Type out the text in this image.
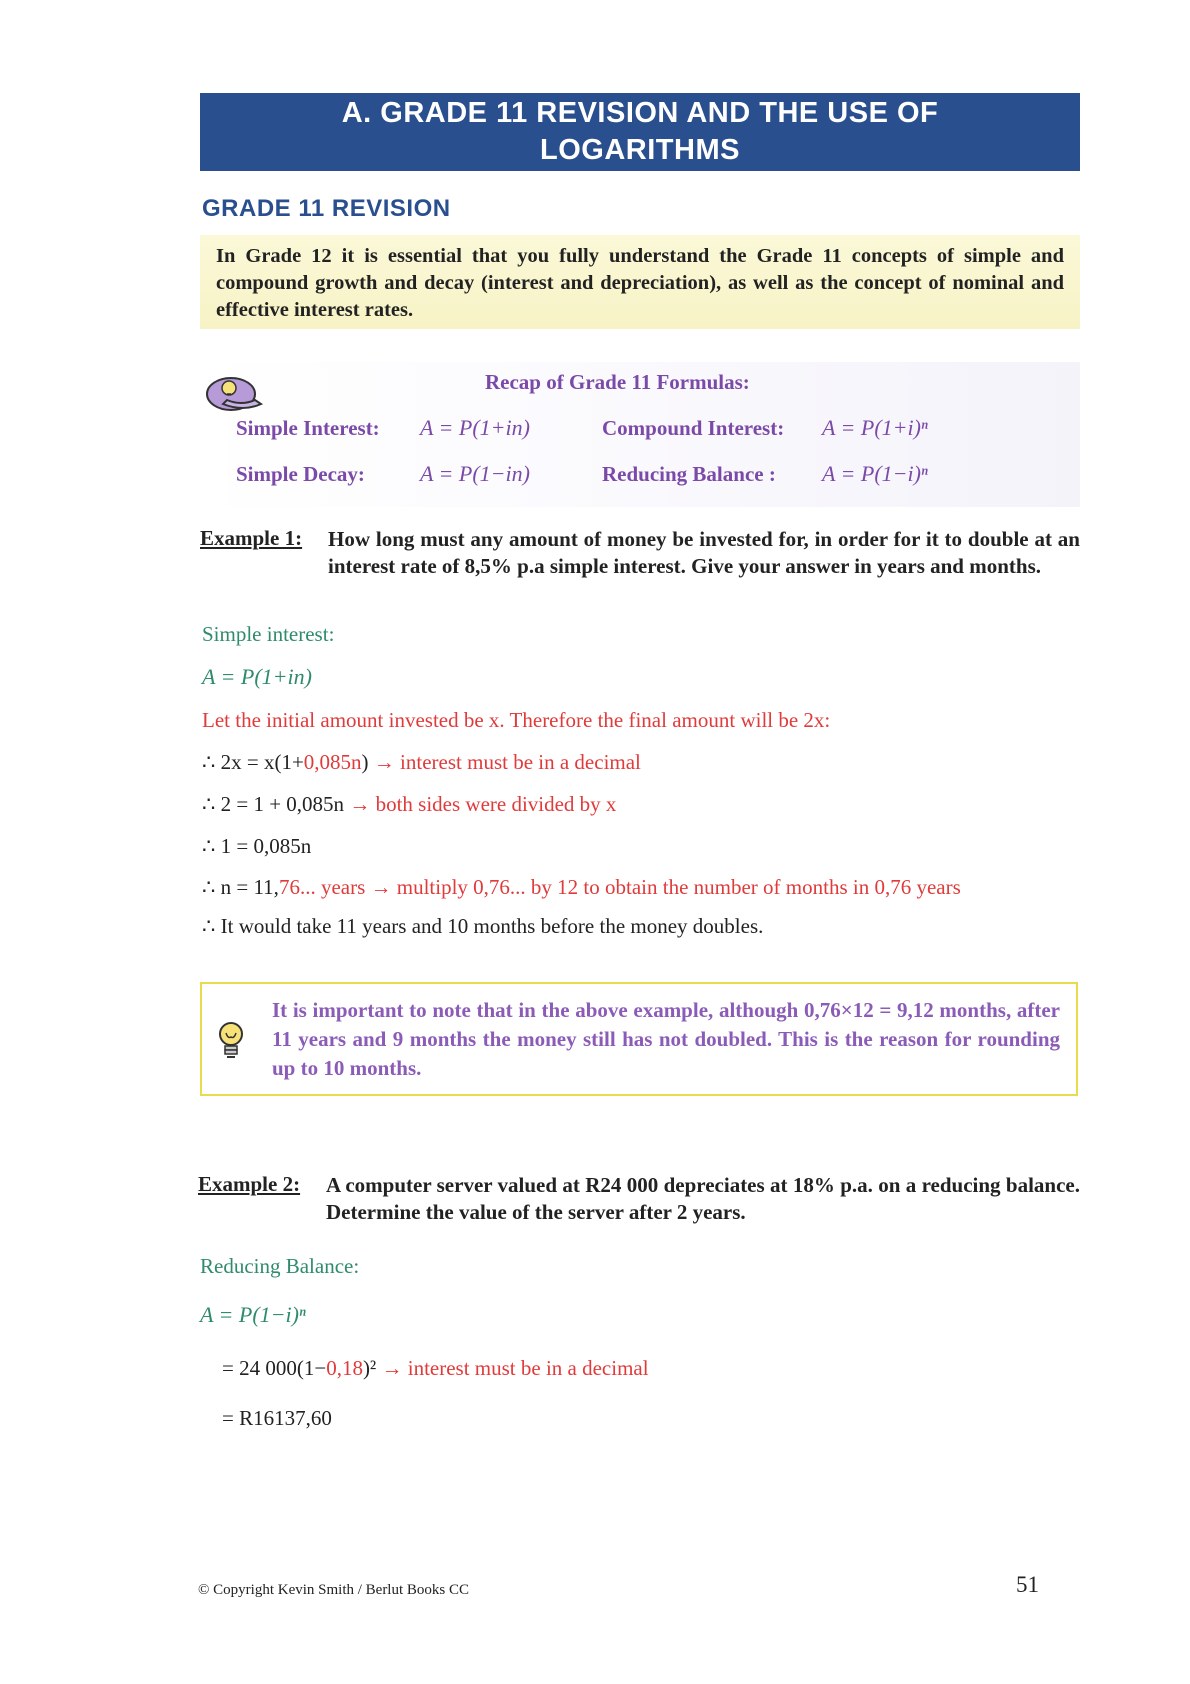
A. GRADE 11 REVISION AND THE USE OF
LOGARITHMS
GRADE 11 REVISION

In Grade 12 it is essential that you fully understand the Grade 11 concepts of simple and compound growth and decay (interest and depreciation), as well as the concept of nominal and effective interest rates.

Recap of Grade 11 Formulas:
Simple Interest: A = P(1+in)	Compound Interest: A = P(1+i)ⁿ
Simple Decay:	A = P(1−in)	Reducing Balance : A = P(1−i)ⁿ
Example 1: How long must any amount of money be invested for, in order for it to double at an interest rate of 8,5% p.a simple interest. Give your answer in years and months.
Simple interest:
A = P(1+in)
Let the initial amount invested be x. Therefore the final amount will be 2x:
∴ 2x = x(1+0,085n) → interest must be in a decimal
∴ 2 = 1 + 0,085n → both sides were divided by x
∴ 1 = 0,085n
∴ n = 11,76... years → multiply 0,76... by 12 to obtain the number of months in 0,76 years
∴ It would take 11 years and 10 months before the money doubles.
It is important to note that in the above example, although 0,76×12 = 9,12 months, after 11 years and 9 months the money still has not doubled. This is the reason for rounding up to 10 months.
Example 2: A computer server valued at R24 000 depreciates at 18% p.a. on a reducing balance. Determine the value of the server after 2 years.
Reducing Balance:
A = P(1−i)ⁿ
= 24 000(1−0,18)² → interest must be in a decimal
= R16137,60
© Copyright Kevin Smith / Berlut Books CC	51
